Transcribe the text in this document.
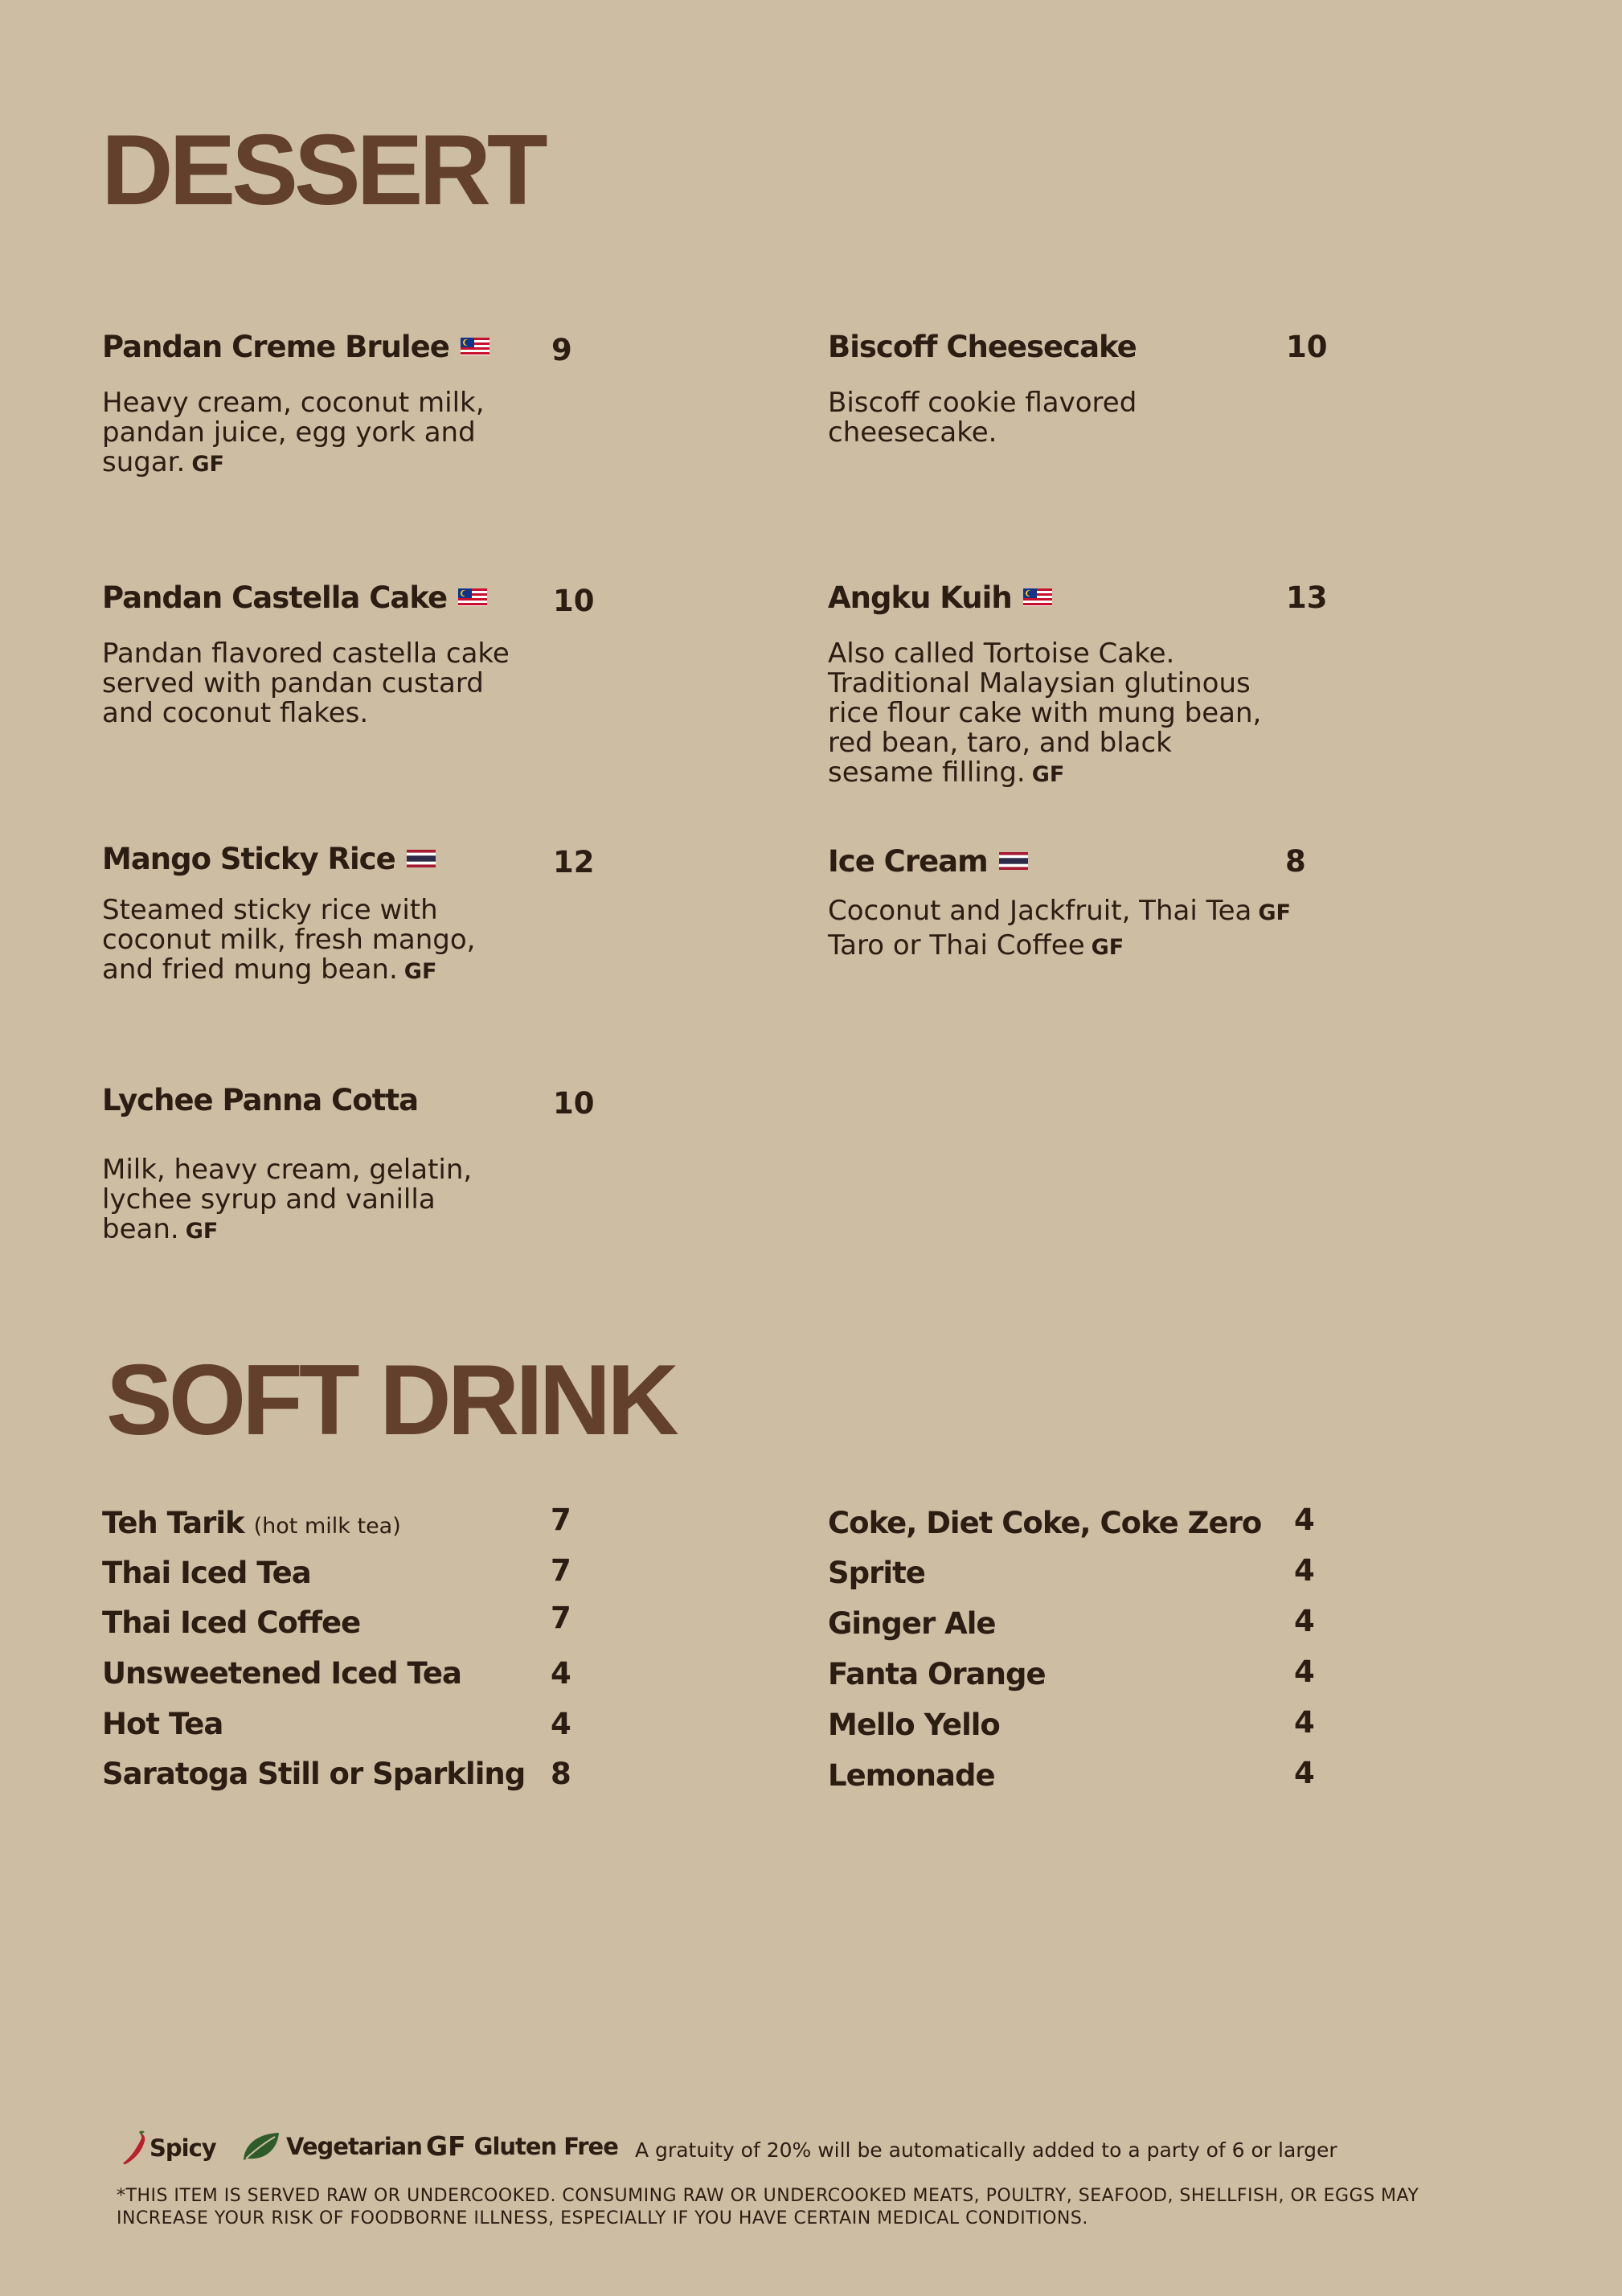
DESSERT
Pandan Creme Brulee	9
Heavy cream, coconut milk, pandan juice, egg york and sugar. GF
Biscoff Cheesecake	10
Biscoff cookie flavored cheesecake.
Pandan Castella Cake	10
Pandan flavored castella cake served with pandan custard and coconut flakes.
Angku Kuih	13
Also called Tortoise Cake. Traditional Malaysian glutinous rice flour cake with mung bean, red bean, taro, and black sesame filling. GF
Mango Sticky Rice	12
Steamed sticky rice with coconut milk, fresh mango, and fried mung bean. GF
Ice Cream	8
Coconut and Jackfruit, Thai Tea GF
Taro or Thai Coffee GF
Lychee Panna Cotta	10
Milk, heavy cream, gelatin, lychee syrup and vanilla bean. GF
SOFT DRINK
Teh Tarik (hot milk tea)	7
Thai Iced Tea	7
Thai Iced Coffee	7
Unsweetened Iced Tea	4
Hot Tea	4
Saratoga Still or Sparkling 8
Coke, Diet Coke, Coke Zero 4
Sprite	4
Ginger Ale	4
Fanta Orange	4
Mello Yello	4
Lemonade	4
Spicy	Vegetarian GF Gluten Free A gratuity of 20% will be automatically added to a party of 6 or larger
*THIS ITEM IS SERVED RAW OR UNDERCOOKED. CONSUMING RAW OR UNDERCOOKED MEATS, POULTRY, SEAFOOD, SHELLFISH, OR EGGS MAY INCREASE YOUR RISK OF FOODBORNE ILLNESS, ESPECIALLY IF YOU HAVE CERTAIN MEDICAL CONDITIONS.
